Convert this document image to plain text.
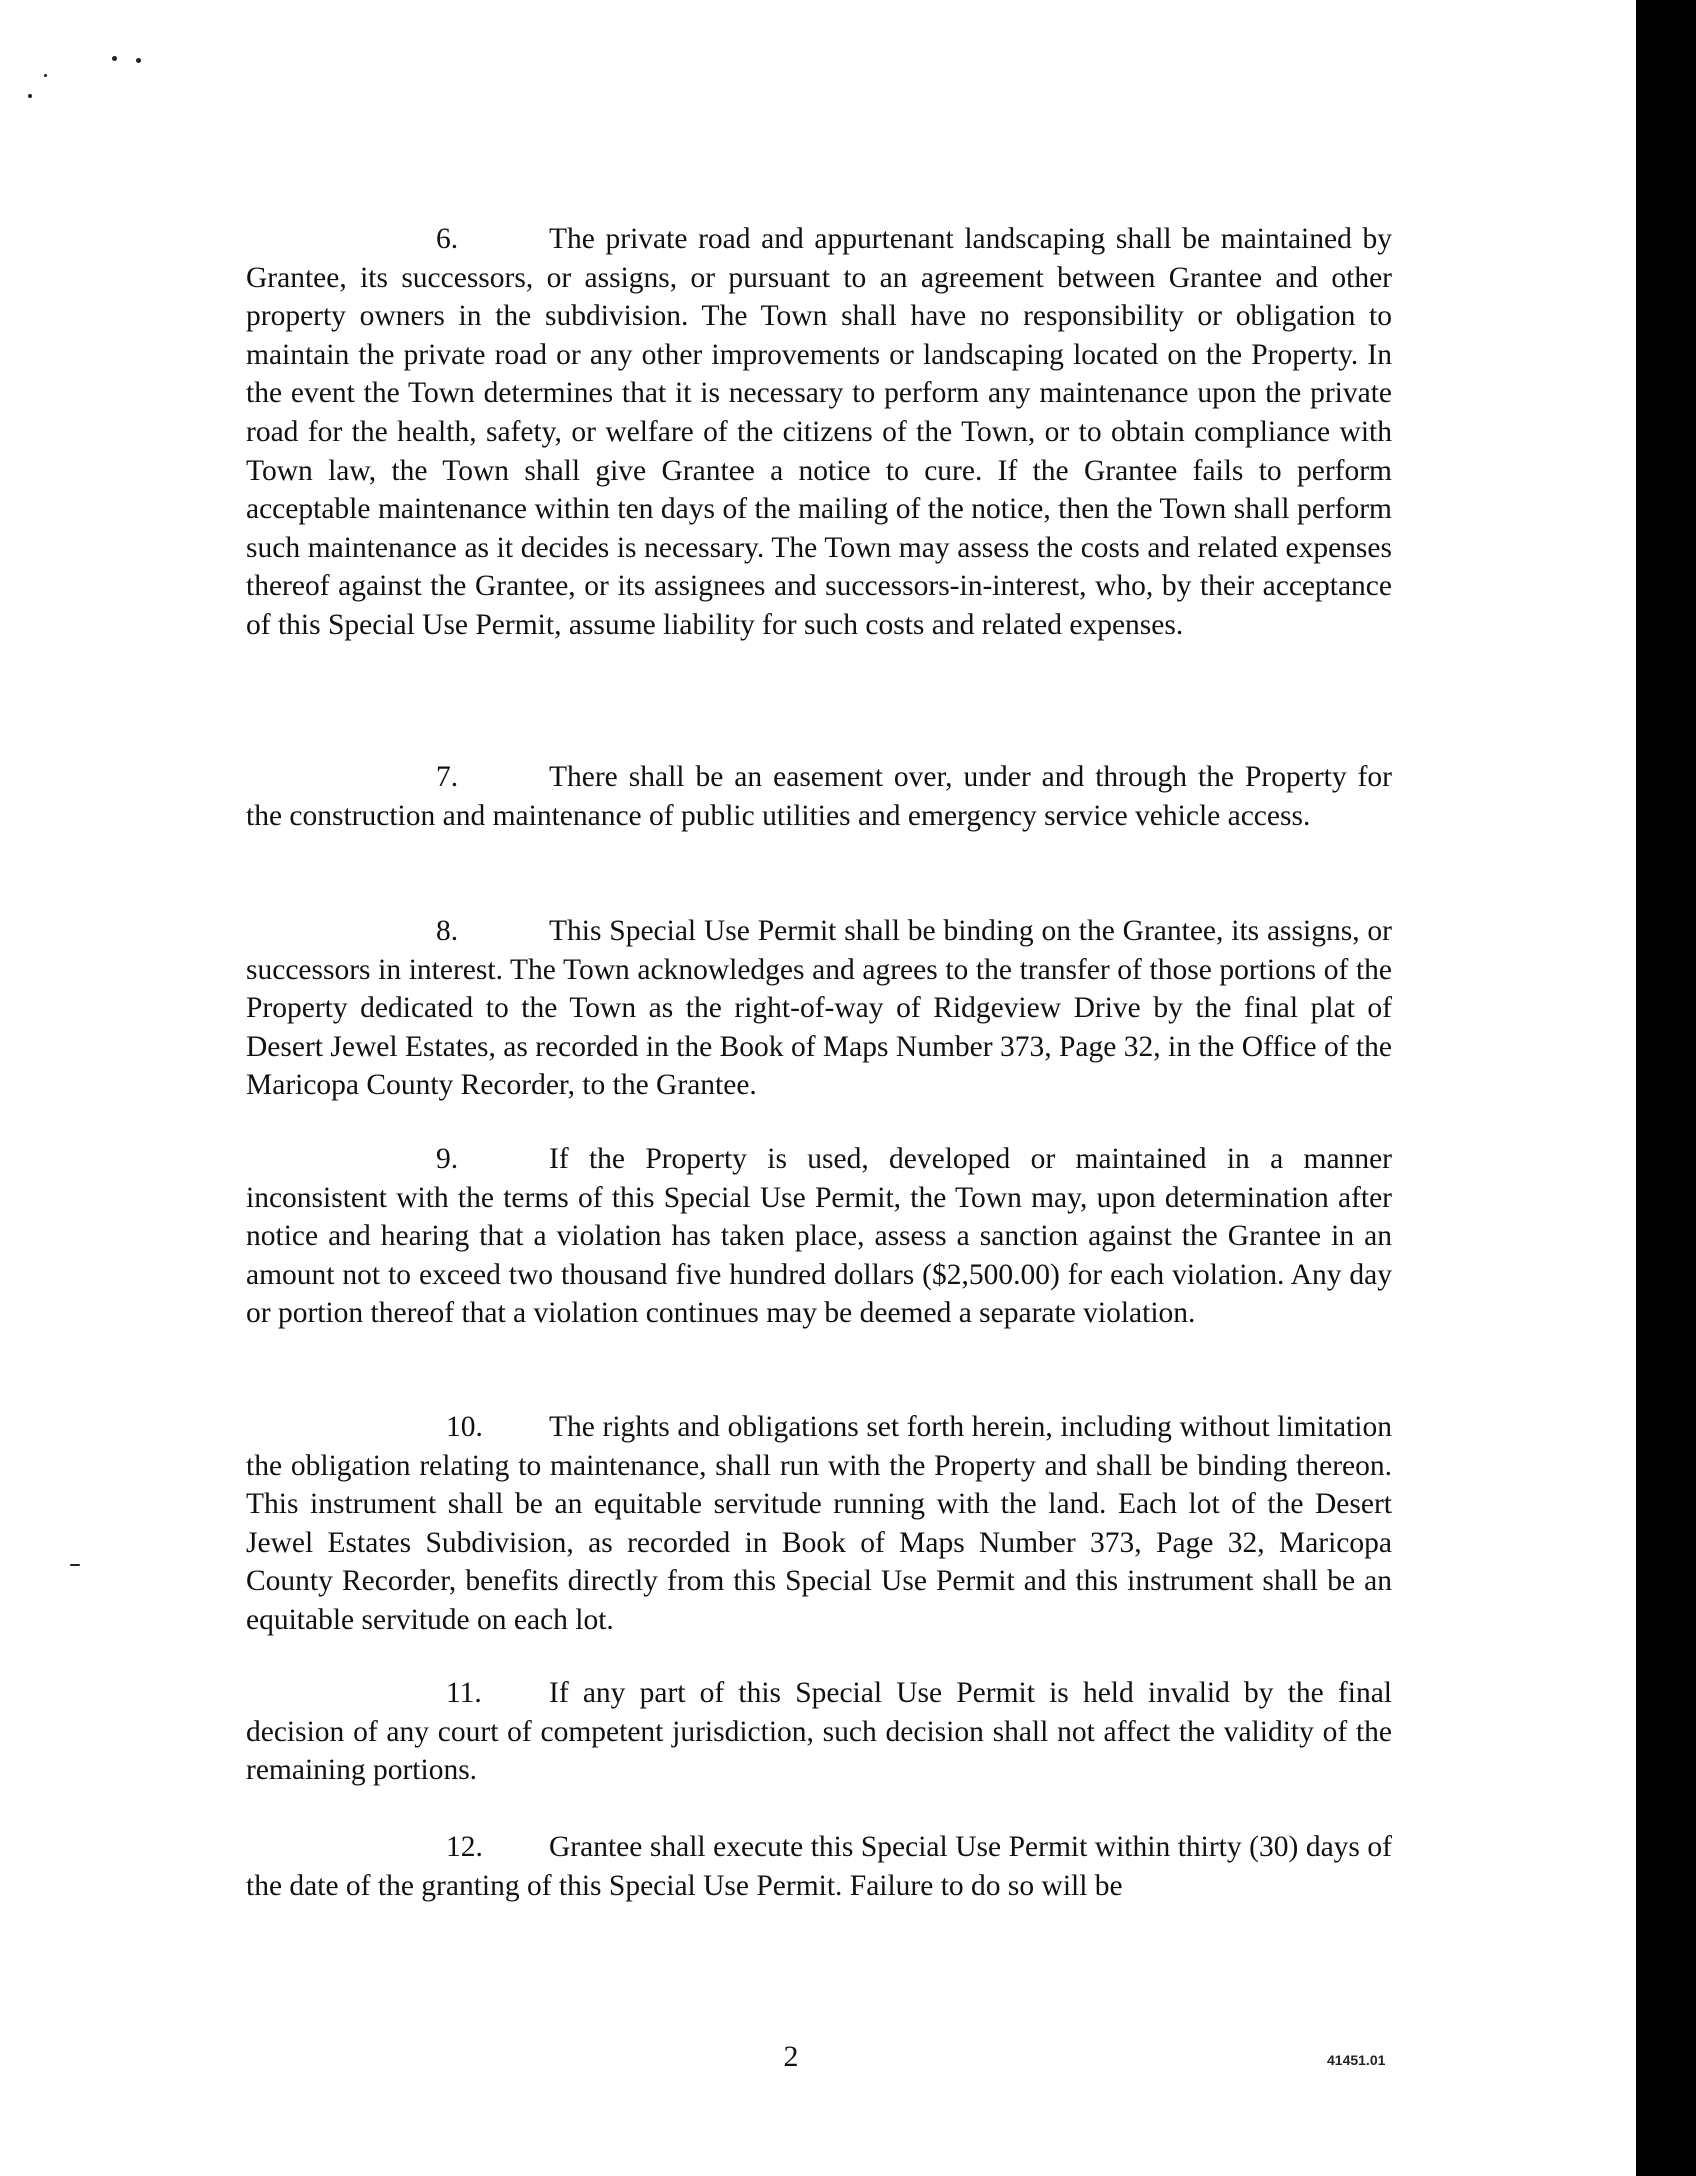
6.	The private road and appurtenant landscaping shall be maintained by Grantee, its successors, or assigns, or pursuant to an agreement between Grantee and other property owners in the subdivision. The Town shall have no responsibility or obligation to maintain the private road or any other improvements or landscaping located on the Property. In the event the Town determines that it is necessary to perform any maintenance upon the private road for the health, safety, or welfare of the citizens of the Town, or to obtain compliance with Town law, the Town shall give Grantee a notice to cure. If the Grantee fails to perform acceptable maintenance within ten days of the mailing of the notice, then the Town shall perform such maintenance as it decides is necessary. The Town may assess the costs and related expenses thereof against the Grantee, or its assignees and successors-in-interest, who, by their acceptance of this Special Use Permit, assume liability for such costs and related expenses.

7.	There shall be an easement over, under and through the Property for the construction and maintenance of public utilities and emergency service vehicle access.

8.	This Special Use Permit shall be binding on the Grantee, its assigns, or successors in interest. The Town acknowledges and agrees to the transfer of those portions of the Property dedicated to the Town as the right-of-way of Ridgeview Drive by the final plat of Desert Jewel Estates, as recorded in the Book of Maps Number 373, Page 32, in the Office of the Maricopa County Recorder, to the Grantee.

9.	If the Property is used, developed or maintained in a manner inconsistent with the terms of this Special Use Permit, the Town may, upon determination after notice and hearing that a violation has taken place, assess a sanction against the Grantee in an amount not to exceed two thousand five hundred dollars ($2,500.00) for each violation. Any day or portion thereof that a violation continues may be deemed a separate violation.

10. The rights and obligations set forth herein, including without limitation the obligation relating to maintenance, shall run with the Property and shall be binding thereon. This instrument shall be an equitable servitude running with the land. Each lot of the Desert Jewel Estates Subdivision, as recorded in Book of Maps Number 373, Page 32, Maricopa County Recorder, benefits directly from this Special Use Permit and this instrument shall be an equitable servitude on each lot.

11. If any part of this Special Use Permit is held invalid by the final decision of any court of competent jurisdiction, such decision shall not affect the validity of the remaining portions.

12. Grantee shall execute this Special Use Permit within thirty (30) days of the date of the granting of this Special Use Permit. Failure to do so will be

2	41451.01
